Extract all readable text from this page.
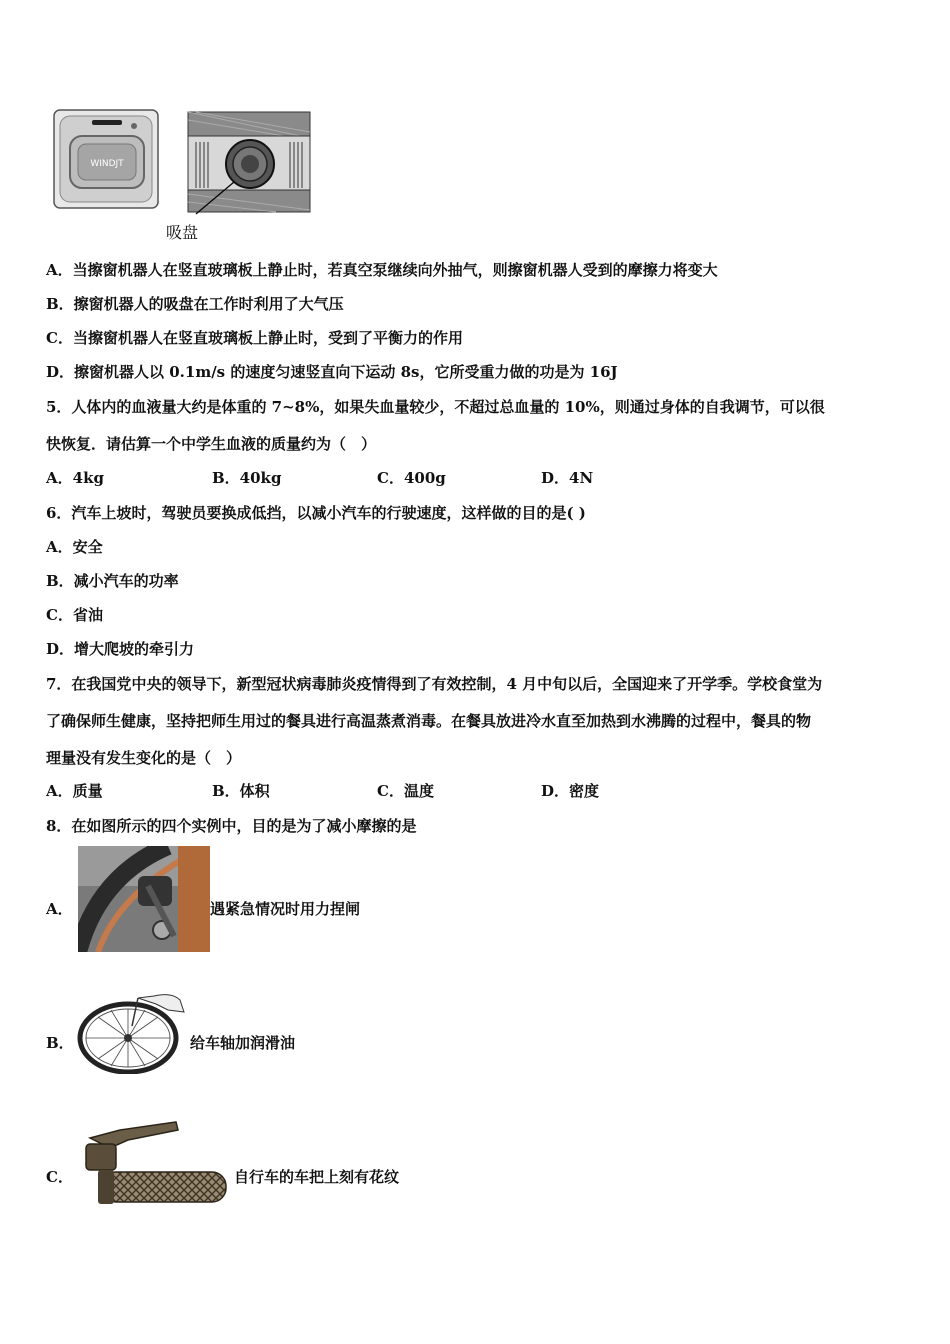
WINDJT
吸盘
A．当擦窗机器人在竖直玻璃板上静止时，若真空泵继续向外抽气，则擦窗机器人受到的摩擦力将变大
B．擦窗机器人的吸盘在工作时利用了大气压
C．当擦窗机器人在竖直玻璃板上静止时，受到了平衡力的作用
D．擦窗机器人以 0.1m/s 的速度匀速竖直向下运动 8s，它所受重力做的功是为 16J
5．人体内的血液量大约是体重的 7~8%，如果失血量较少，不超过总血量的 10%，则通过身体的自我调节，可以很
快恢复．请估算一个中学生血液的质量约为（　）
A．4kg	B．40kg	C．400g	D．4N
6．汽车上坡时，驾驶员要换成低挡，以减小汽车的行驶速度，这样做的目的是( )
A．安全
B．减小汽车的功率
C．省油
D．增大爬坡的牵引力
7．在我国党中央的领导下，新型冠状病毒肺炎疫情得到了有效控制，4 月中旬以后，全国迎来了开学季。学校食堂为
了确保师生健康，坚持把师生用过的餐具进行高温蒸煮消毒。在餐具放进冷水直至加热到水沸腾的过程中，餐具的物
理量没有发生变化的是（　）
A．质量	B．体积	C．温度	D．密度
8．在如图所示的四个实例中，目的是为了减小摩擦的是
A．	遇紧急情况时用力捏闸
B．	给车轴加润滑油
C．	自行车的车把上刻有花纹
